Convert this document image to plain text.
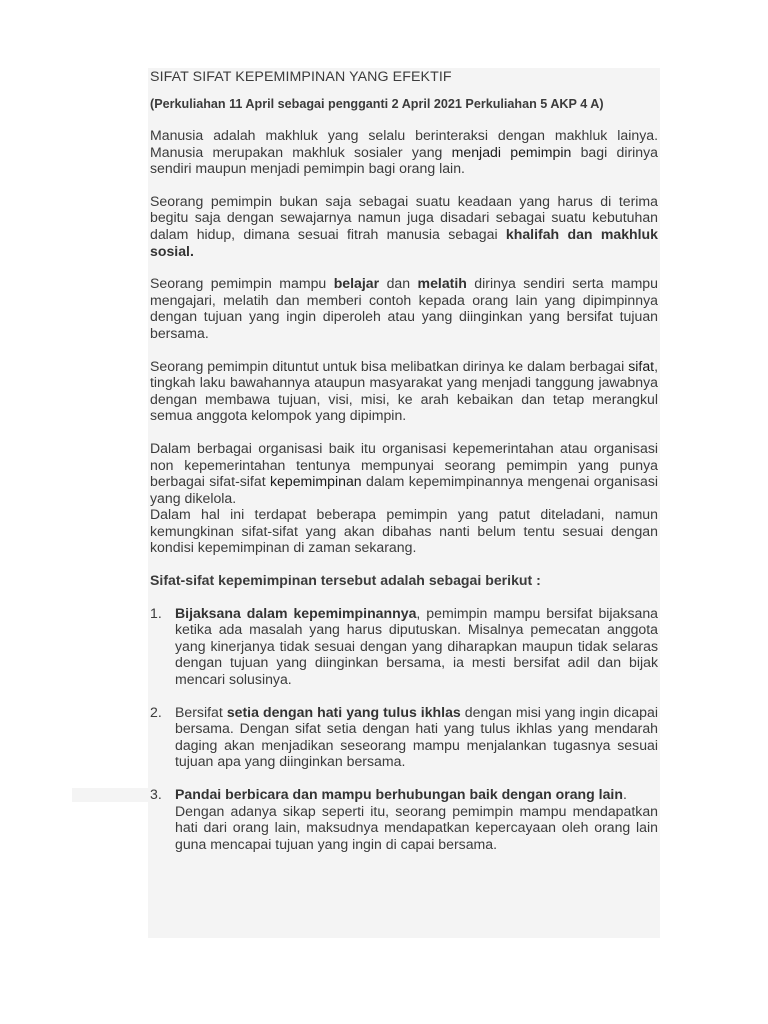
SIFAT SIFAT KEPEMIMPINAN YANG EFEKTIF

(Perkuliahan 11 April sebagai pengganti 2 April 2021 Perkuliahan 5 AKP 4 A)

Manusia adalah makhluk yang selalu berinteraksi dengan makhluk lainya. Manusia merupakan makhluk sosialer yang menjadi pemimpin bagi dirinya sendiri maupun menjadi pemimpin bagi orang lain.

Seorang pemimpin bukan saja sebagai suatu keadaan yang harus di terima begitu saja dengan sewajarnya namun juga disadari sebagai suatu kebutuhan dalam hidup, dimana sesuai fitrah manusia sebagai khalifah dan makhluk sosial.

Seorang pemimpin mampu belajar dan melatih dirinya sendiri serta mampu mengajari, melatih dan memberi contoh kepada orang lain yang dipimpinnya dengan tujuan yang ingin diperoleh atau yang diinginkan yang bersifat tujuan bersama.

Seorang pemimpin dituntut untuk bisa melibatkan dirinya ke dalam berbagai sifat, tingkah laku bawahannya ataupun masyarakat yang menjadi tanggung jawabnya dengan membawa tujuan, visi, misi, ke arah kebaikan dan tetap merangkul semua anggota kelompok yang dipimpin.

Dalam berbagai organisasi baik itu organisasi kepemerintahan atau organisasi non kepemerintahan tentunya mempunyai seorang pemimpin yang punya berbagai sifat-sifat kepemimpinan dalam kepemimpinannya mengenai organisasi yang dikelola.
Dalam hal ini terdapat beberapa pemimpin yang patut diteladani, namun kemungkinan sifat-sifat yang akan dibahas nanti belum tentu sesuai dengan kondisi kepemimpinan di zaman sekarang.

Sifat-sifat kepemimpinan tersebut adalah sebagai berikut :

1. Bijaksana dalam kepemimpinannya, pemimpin mampu bersifat bijaksana ketika ada masalah yang harus diputuskan. Misalnya pemecatan anggota yang kinerjanya tidak sesuai dengan yang diharapkan maupun tidak selaras dengan tujuan yang diinginkan bersama, ia mesti bersifat adil dan bijak mencari solusinya.
2. Bersifat setia dengan hati yang tulus ikhlas dengan misi yang ingin dicapai bersama. Dengan sifat setia dengan hati yang tulus ikhlas yang mendarah daging akan menjadikan seseorang mampu menjalankan tugasnya sesuai tujuan apa yang diinginkan bersama.
3. Pandai berbicara dan mampu berhubungan baik dengan orang lain.
Dengan adanya sikap seperti itu, seorang pemimpin mampu mendapatkan hati dari orang lain, maksudnya mendapatkan kepercayaan oleh orang lain guna mencapai tujuan yang ingin di capai bersama.
